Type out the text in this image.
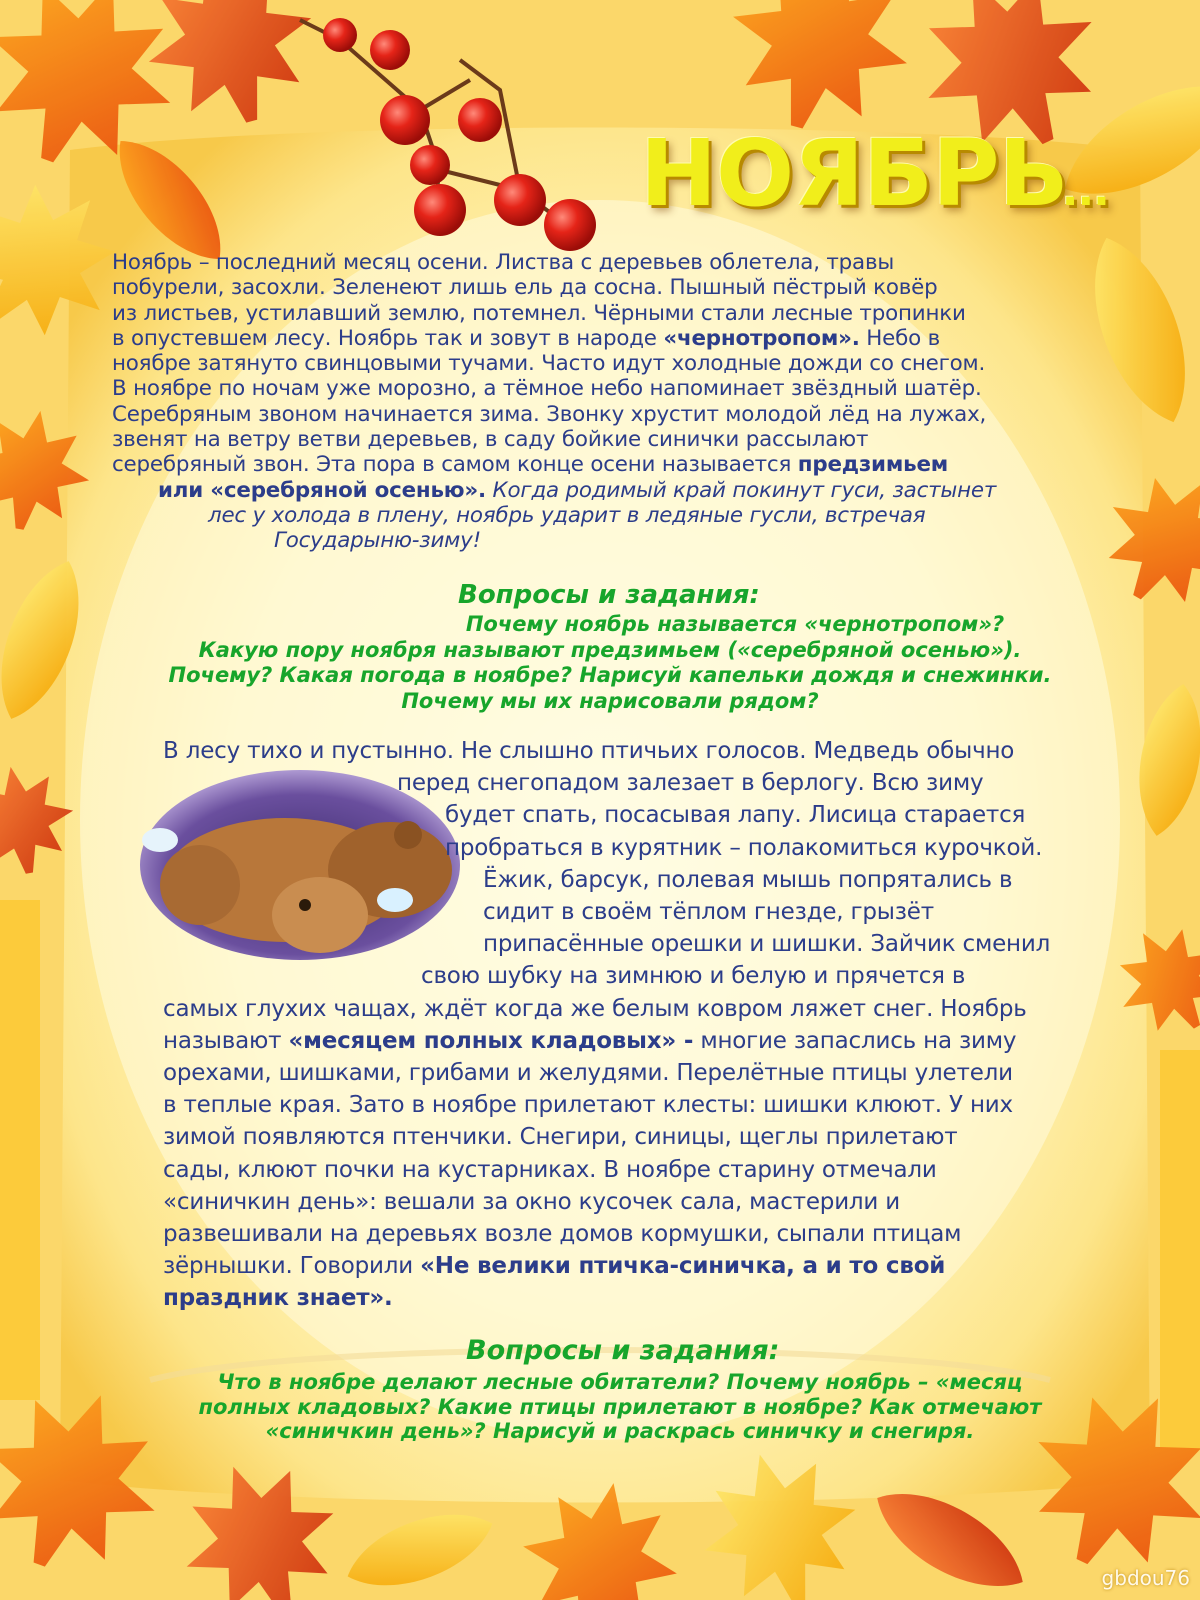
НОЯБРЬ...
Ноябрь – последний месяц осени. Листва с деревьев облетела, травы
побурели, засохли. Зеленеют лишь ель да сосна. Пышный пёстрый ковёр
из листьев, устилавший землю, потемнел. Чёрными стали лесные тропинки
в опустевшем лесу. Ноябрь так и зовут в народе «чернотропом». Небо в
ноябре затянуто свинцовыми тучами. Часто идут холодные дожди со снегом.
В ноябре по ночам уже морозно, а тёмное небо напоминает звёздный шатёр.
Серебряным звоном начинается зима. Звонку хрустит молодой лёд на лужах,
звенят на ветру ветви деревьев, в саду бойкие синички рассылают
серебряный звон. Эта пора в самом конце осени называется предзимьем
или «серебряной осенью». Когда родимый край покинут гуси, застынет
лес у холода в плену, ноябрь ударит в ледяные гусли, встречая
Государыню-зиму!
Вопросы и задания:
Почему ноябрь называется «чернотропом»?
Какую пору ноября называют предзимьем («серебряной осенью»).
Почему? Какая погода в ноябре? Нарисуй капельки дождя и снежинки.
Почему мы их нарисовали рядом?
В лесу тихо и пустынно. Не слышно птичьих голосов. Медведь обычно
перед снегопадом залезает в берлогу. Всю зиму
будет спать, посасывая лапу. Лисица старается
пробраться в курятник – полакомиться курочкой.
Ёжик, барсук, полевая мышь попрятались в
сидит в своём тёплом гнезде, грызёт
припасённые орешки и шишки. Зайчик сменил
свою шубку на зимнюю и белую и прячется в
самых глухих чащах, ждёт когда же белым ковром ляжет снег. Ноябрь
называют «месяцем полных кладовых» - многие запаслись на зиму
орехами, шишками, грибами и желудями. Перелётные птицы улетели
в теплые края. Зато в ноябре прилетают клесты: шишки клюют. У них
зимой появляются птенчики. Снегири, синицы, щеглы прилетают
сады, клюют почки на кустарниках. В ноябре старину отмечали
«синичкин день»: вешали за окно кусочек сала, мастерили и
развешивали на деревьях возле домов кормушки, сыпали птицам
зёрнышки. Говорили «Не велики птичка-синичка, а и то свой
праздник знает».
Вопросы и задания:
Что в ноябре делают лесные обитатели? Почему ноябрь – «месяц
полных кладовых? Какие птицы прилетают в ноябре? Как отмечают
«синичкин день»? Нарисуй и раскрась синичку и снегиря.
gbdou76
